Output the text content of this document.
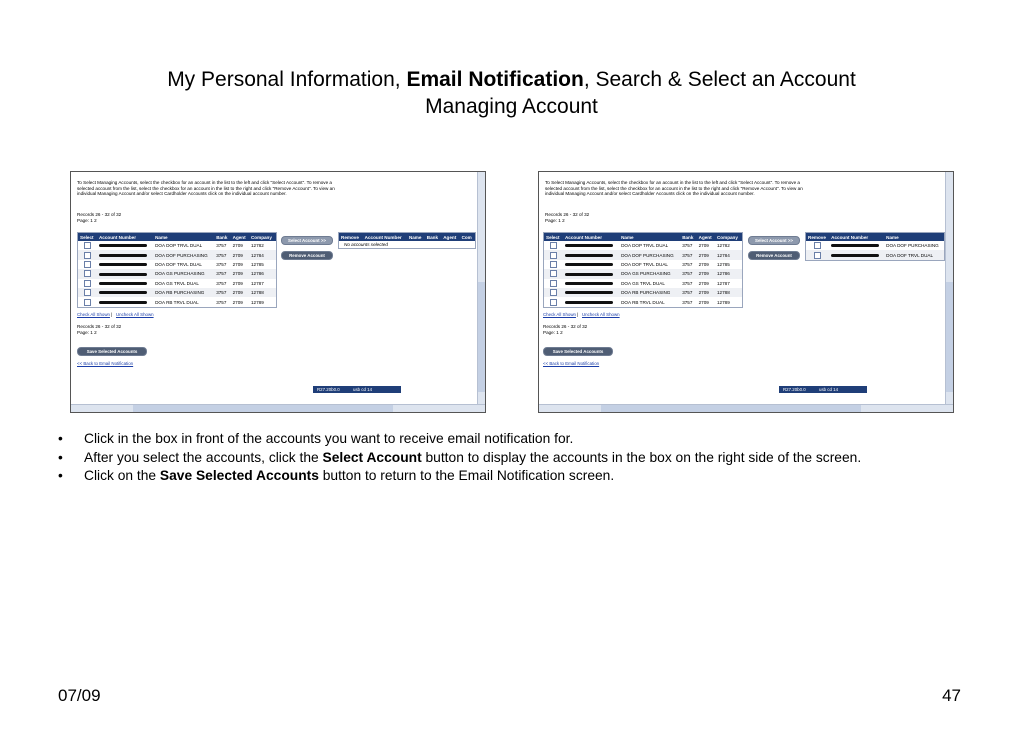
My Personal Information, Email Notification, Search & Select an Account
Managing Account
To Select Managing Accounts, select the checkbox for an account in the list to the left and click "Select Account". To remove a selected account from the list, select the checkbox for an account in the list to the right and click "Remove Account". To view an individual Managing Account and/or select Cardholder Accounts click on the individual account number.
Records 26 - 32 of 32
Page: 1 2
Select	Account Number	Name	Bank	Agent	Company
		DOA DOP TRVL DUAL	3757	2709	12782
		DOA DOF PURCHASING	3757	2709	12784
		DOA DOF TRVL DUAL	3757	2709	12785
		DOA GS PURCHASING	3757	2709	12786
		DOA GS TRVL DUAL	3757	2709	12787
		DOA RB PURCHASING	3757	2709	12788
		DOA RB TRVL DUAL	3757	2709	12789
Select Account >>
Remove Account
Remove	Account Number	Name	Bank	Agent	Com
No accounts selected
Check All Shown | Uncheck All Shown
Records 26 - 32 of 32
Page: 1 2
Save Selected Accounts
<< Back to Email Notification
R27.20b0.0	usb cd 14
To Select Managing Accounts, select the checkbox for an account in the list to the left and click "Select Account". To remove a selected account from the list, select the checkbox for an account in the list to the right and click "Remove Account". To view an individual Managing Account and/or select Cardholder Accounts click on the individual account number.
Records 26 - 32 of 32
Page: 1 2
Select	Account Number	Name	Bank	Agent	Company
		DOA DOP TRVL DUAL	3757	2709	12782
		DOA DOF PURCHASING	3757	2709	12784
		DOA DOF TRVL DUAL	3757	2709	12785
		DOA GS PURCHASING	3757	2709	12786
		DOA GS TRVL DUAL	3757	2709	12787
		DOA RB PURCHASING	3757	2709	12788
		DOA RB TRVL DUAL	3757	2709	12789
Select Account >>
Remove Account
Remove	Account Number	Name
		DOA DOF PURCHASING
		DOA DOF TRVL DUAL
Check All Shown | Uncheck All Shown
Records 26 - 32 of 32
Page: 1 2
Save Selected Accounts
<< Back to Email Notification
R27.20b0.0	usb cd 14
• Click in the box in front of the accounts you want to receive email notification for.
• After you select the accounts, click the Select Account button to display the accounts in the box on the right side of the screen.
• Click on the Save Selected Accounts button to return to the Email Notification screen.
07/09	47
